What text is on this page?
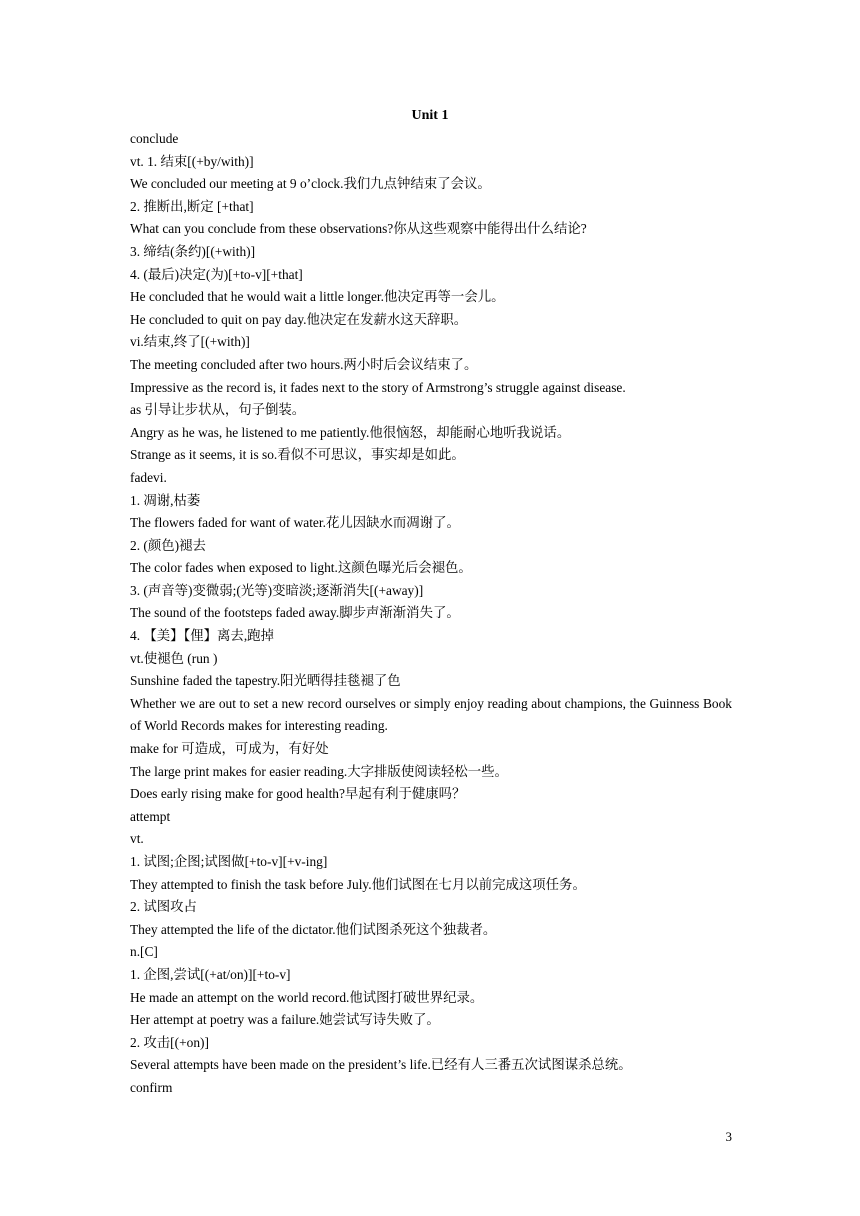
Unit 1
conclude
vt. 1. 结束[(+by/with)]
We concluded our meeting at 9 o’clock.我们九点钟结束了会议。
2. 推断出,断定 [+that]
What can you conclude from these observations?你从这些观察中能得出什么结论?
3. 缔结(条约)[(+with)]
4. (最后)决定(为)[+to-v][+that]
He concluded that he would wait a little longer.他决定再等一会儿。
He concluded to quit on pay day.他决定在发薪水这天辞职。
vi.结束,终了[(+with)]
The meeting concluded after two hours.两小时后会议结束了。
Impressive as the record is, it fades next to the story of Armstrong’s struggle against disease.
as 引导让步状从，句子倒装。
Angry as he was, he listened to me patiently.他很恼怒，却能耐心地听我说话。
Strange as it seems, it is so.看似不可思议，事实却是如此。
fadevi.
1. 凋谢,枯萎
The flowers faded for want of water.花儿因缺水而凋谢了。
2. (颜色)褪去
The color fades when exposed to light.这颜色曝光后会褪色。
3. (声音等)变微弱;(光等)变暗淡;逐渐消失[(+away)]
The sound of the footsteps faded away.脚步声渐渐消失了。
4. 【美】【俚】离去,跑掉
vt.使褪色 (run )
Sunshine faded the tapestry.阳光晒得挂毯褪了色
Whether we are out to set a new record ourselves or simply enjoy reading about champions, the Guinness Book of World Records makes for interesting reading.
make for 可造成，可成为，有好处
The large print makes for easier reading.大字排版使阅读轻松一些。
Does early rising make for good health?早起有利于健康吗？
attempt
vt.
1. 试图;企图;试图做[+to-v][+v-ing]
They attempted to finish the task before July.他们试图在七月以前完成这项任务。
2. 试图攻占
They attempted the life of the dictator.他们试图杀死这个独裁者。
n.[C]
1. 企图,尝试[(+at/on)][+to-v]
He made an attempt on the world record.他试图打破世界纪录。
Her attempt at poetry was a failure.她尝试写诗失败了。
2. 攻击[(+on)]
Several attempts have been made on the president’s life.已经有人三番五次试图谋杀总统。
confirm
3
